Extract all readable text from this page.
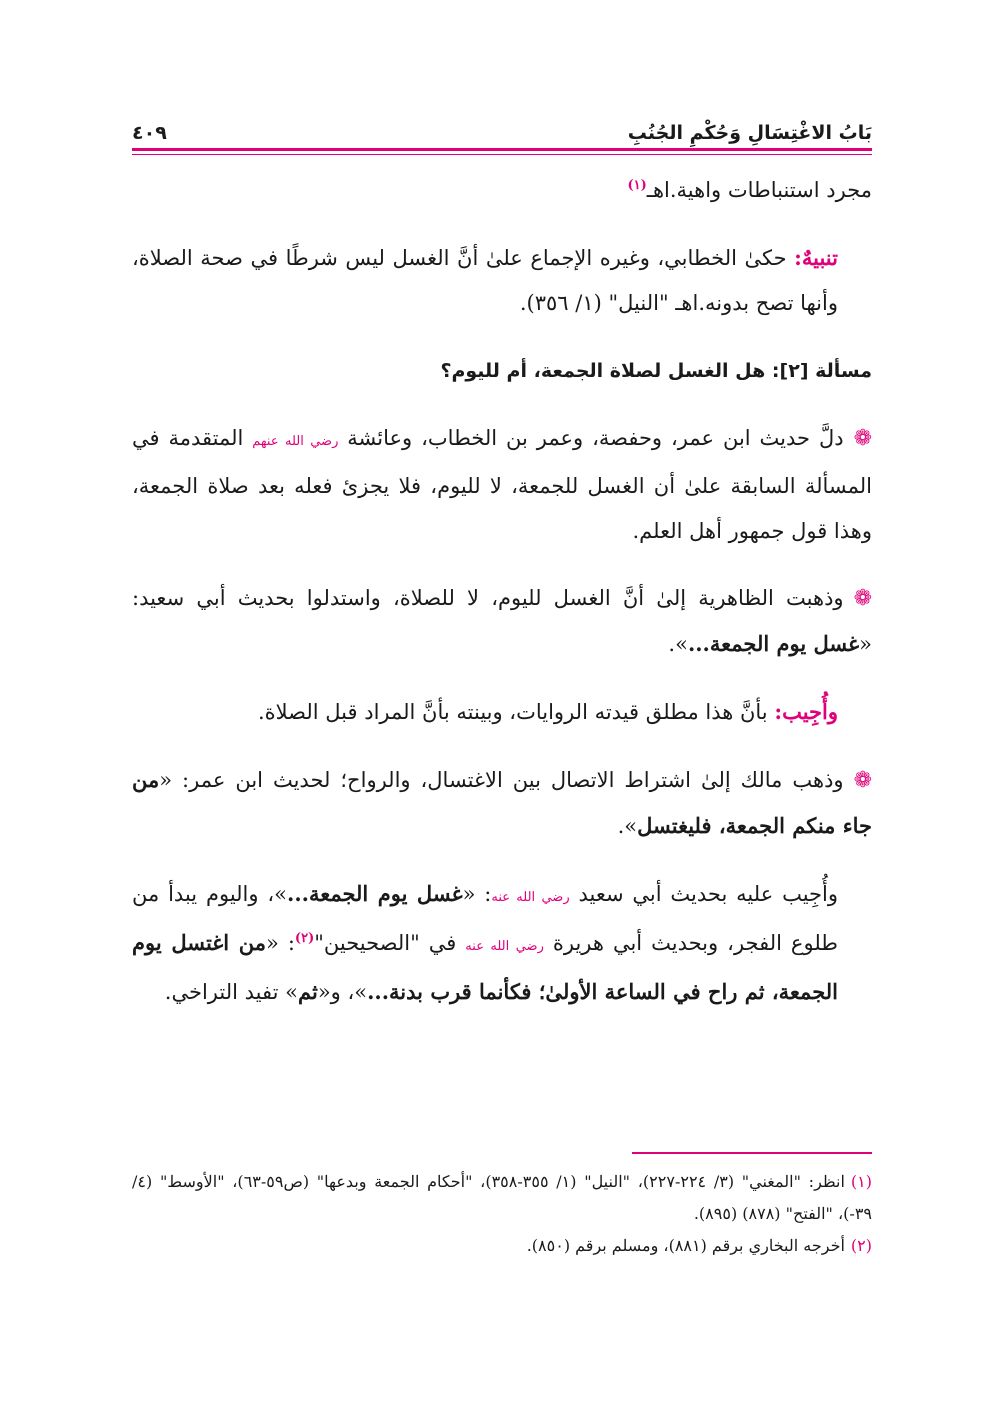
بَابُ الاغْتِسَالِ وَحُكْمِ الجُنُبِ
٤٠٩

مجرد استنباطات واهية.اهـ$^{(١)}$

تنبيهٌ: حكىٰ الخطابي، وغيره الإجماع علىٰ أنَّ الغسل ليس شرطًا في صحة الصلاة، وأنها تصح بدونه.اهـ "النيل" (١/ ٣٥٦).

مسألة [٢]: هل الغسل لصلاة الجمعة، أم لليوم؟

❁دلَّ حديث ابن عمر، وحفصة، وعمر بن الخطاب، وعائشة رضي الله عنهم المتقدمة في المسألة السابقة علىٰ أن الغسل للجمعة، لا لليوم، فلا يجزئ فعله بعد صلاة الجمعة، وهذا قول جمهور أهل العلم.

❁وذهبت الظاهرية إلىٰ أنَّ الغسل لليوم، لا للصلاة، واستدلوا بحديث أبي سعيد: «غسل يوم الجمعة...».

وأُجِيب: بأنَّ هذا مطلق قيدته الروايات، وبينته بأنَّ المراد قبل الصلاة.

❁وذهب مالك إلىٰ اشتراط الاتصال بين الاغتسال، والرواح؛ لحديث ابن عمر: «من جاء منكم الجمعة، فليغتسل».

وأُجِيب عليه بحديث أبي سعيد رضي الله عنه: «غسل يوم الجمعة...»، واليوم يبدأ من طلوع الفجر، وبحديث أبي هريرة رضي الله عنه في "الصحيحين"$^{(٢)}$: «من اغتسل يوم الجمعة، ثم راح في الساعة الأولىٰ؛ فكأنما قرب بدنة...»، و«ثم» تفيد التراخي.

(١)انظر: "المغني" (٣/ ٢٢٤-٢٢٧)، "النيل" (١/ ٣٥٥-٣٥٨)، "أحكام الجمعة وبدعها" (ص٥٩-٦٣)، "الأوسط" (٤/ ٣٩-)، "الفتح" (٨٧٨) (٨٩٥).

(٢)أخرجه البخاري برقم (٨٨١)، ومسلم برقم (٨٥٠).
